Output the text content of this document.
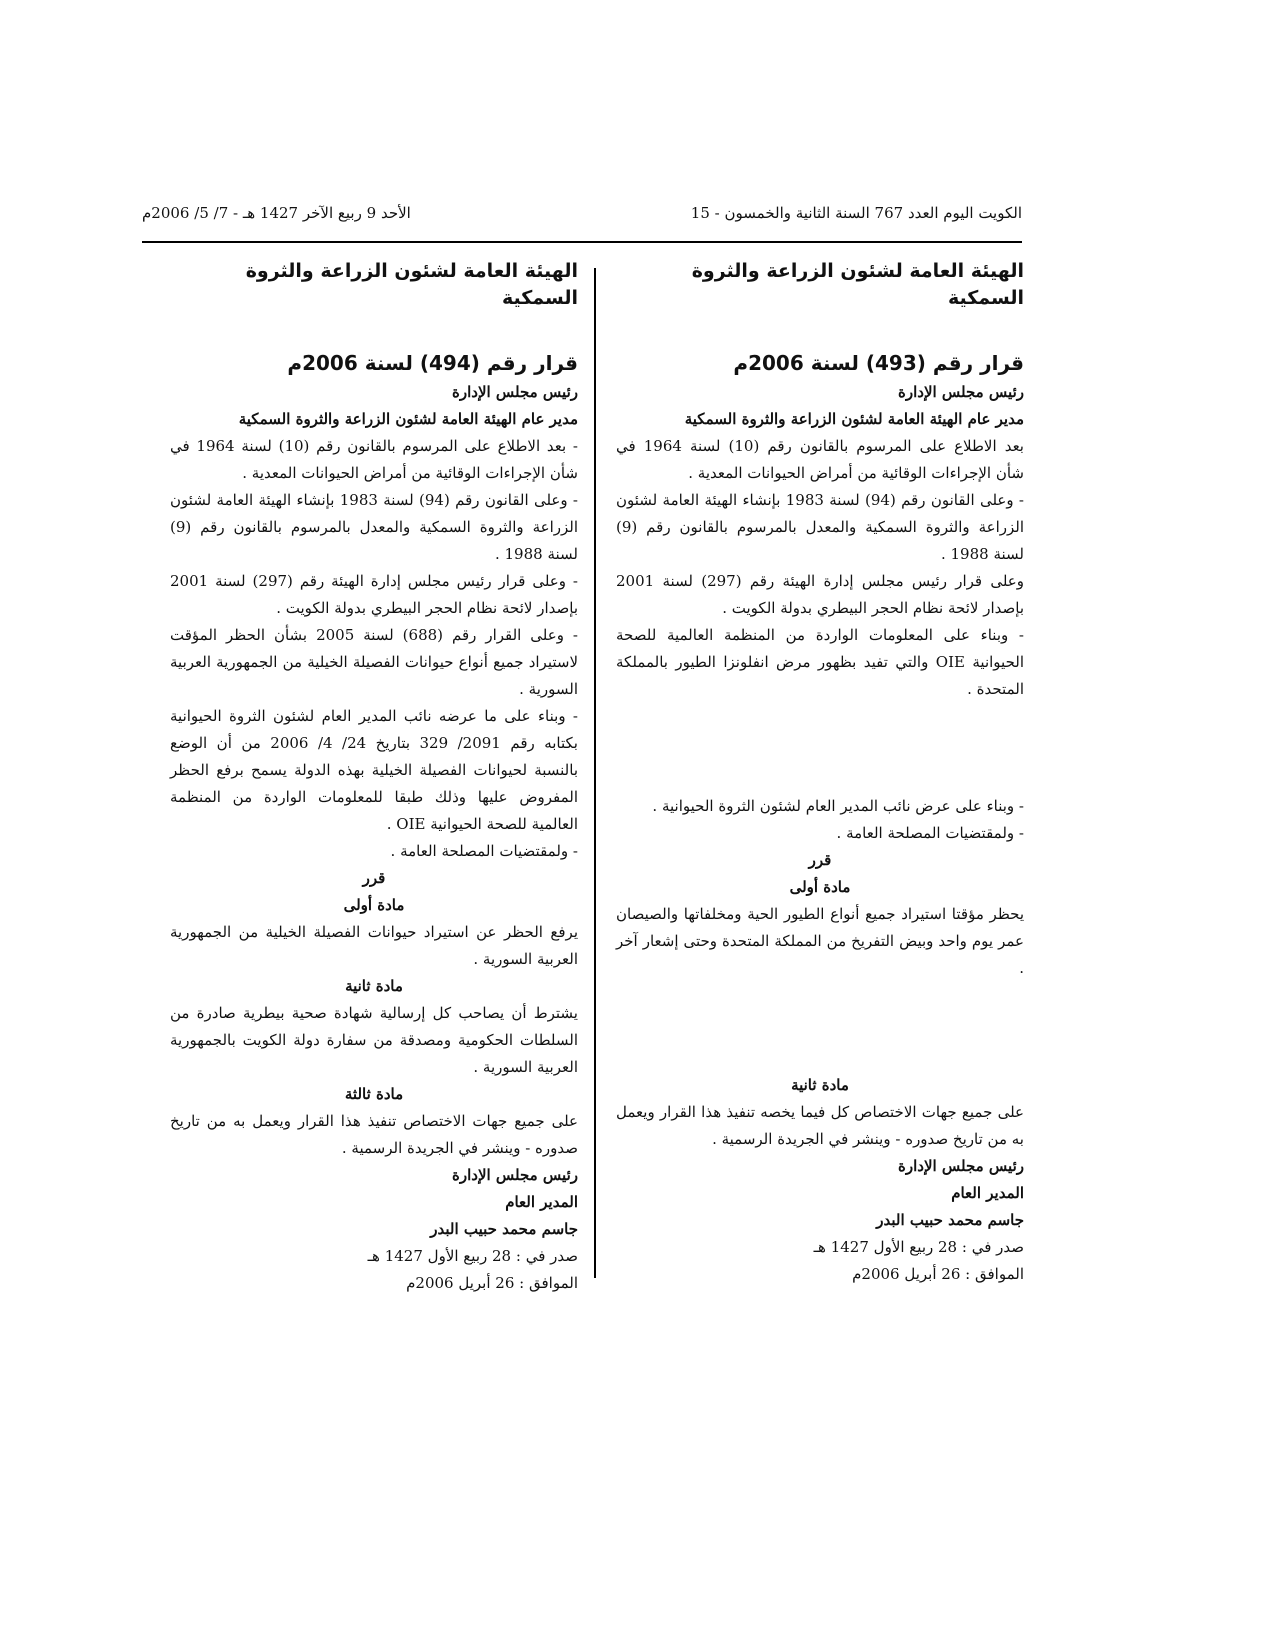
الكويت اليوم العدد 767 السنة الثانية والخمسون - 15
الأحد 9 ربيع الآخر 1427 هـ - 7/ 5/ 2006م
الهيئة العامة لشئون الزراعة والثروة السمكية
قرار رقم (493) لسنة 2006م
رئيس مجلس الإدارة
مدير عام الهيئة العامة لشئون الزراعة والثروة السمكية

بعد الاطلاع على المرسوم بالقانون رقم (10) لسنة 1964 في شأن الإجراءات الوقائية من أمراض الحيوانات المعدية .

- وعلى القانون رقم (94) لسنة 1983 بإنشاء الهيئة العامة لشئون الزراعة والثروة السمكية والمعدل بالمرسوم بالقانون رقم (9) لسنة 1988 .

وعلى قرار رئيس مجلس إدارة الهيئة رقم (297) لسنة 2001 بإصدار لائحة نظام الحجر البيطري بدولة الكويت .

- وبناء على المعلومات الواردة من المنظمة العالمية للصحة الحيوانية OIE والتي تفيد بظهور مرض انفلونزا الطيور بالمملكة المتحدة .

- وبناء على عرض نائب المدير العام لشئون الثروة الحيوانية .

- ولمقتضيات المصلحة العامة .

قرر
مادة أولى

يحظر مؤقتا استيراد جميع أنواع الطيور الحية ومخلفاتها والصيصان عمر يوم واحد وبيض التفريخ من المملكة المتحدة وحتى إشعار آخر .

مادة ثانية

على جميع جهات الاختصاص كل فيما يخصه تنفيذ هذا القرار ويعمل به من تاريخ صدوره - وينشر في الجريدة الرسمية .

رئيس مجلس الإدارة

المدير العام

جاسم محمد حبيب البدر

صدر في : 28 ربيع الأول 1427 هـ

الموافق : 26 أبريل 2006م

الهيئة العامة لشئون الزراعة والثروة السمكية
قرار رقم (494) لسنة 2006م
رئيس مجلس الإدارة
مدير عام الهيئة العامة لشئون الزراعة والثروة السمكية

- بعد الاطلاع على المرسوم بالقانون رقم (10) لسنة 1964 في شأن الإجراءات الوقائية من أمراض الحيوانات المعدية .

- وعلى القانون رقم (94) لسنة 1983 بإنشاء الهيئة العامة لشئون الزراعة والثروة السمكية والمعدل بالمرسوم بالقانون رقم (9) لسنة 1988 .

- وعلى قرار رئيس مجلس إدارة الهيئة رقم (297) لسنة 2001 بإصدار لائحة نظام الحجر البيطري بدولة الكويت .

- وعلى القرار رقم (688) لسنة 2005 بشأن الحظر المؤقت لاستيراد جميع أنواع حيوانات الفصيلة الخيلية من الجمهورية العربية السورية .

- وبناء على ما عرضه نائب المدير العام لشئون الثروة الحيوانية بكتابه رقم 2091/ 329 بتاريخ 24/ 4/ 2006 من أن الوضع بالنسبة لحيوانات الفصيلة الخيلية بهذه الدولة يسمح برفع الحظر المفروض عليها وذلك طبقا للمعلومات الواردة من المنظمة العالمية للصحة الحيوانية OIE .

- ولمقتضيات المصلحة العامة .

قرر
مادة أولى

يرفع الحظر عن استيراد حيوانات الفصيلة الخيلية من الجمهورية العربية السورية .

مادة ثانية

يشترط أن يصاحب كل إرسالية شهادة صحية بيطرية صادرة من السلطات الحكومية ومصدقة من سفارة دولة الكويت بالجمهورية العربية السورية .

مادة ثالثة

على جميع جهات الاختصاص تنفيذ هذا القرار ويعمل به من تاريخ صدوره - وينشر في الجريدة الرسمية .

رئيس مجلس الإدارة

المدير العام

جاسم محمد حبيب البدر

صدر في : 28 ربيع الأول 1427 هـ

الموافق : 26 أبريل 2006م
